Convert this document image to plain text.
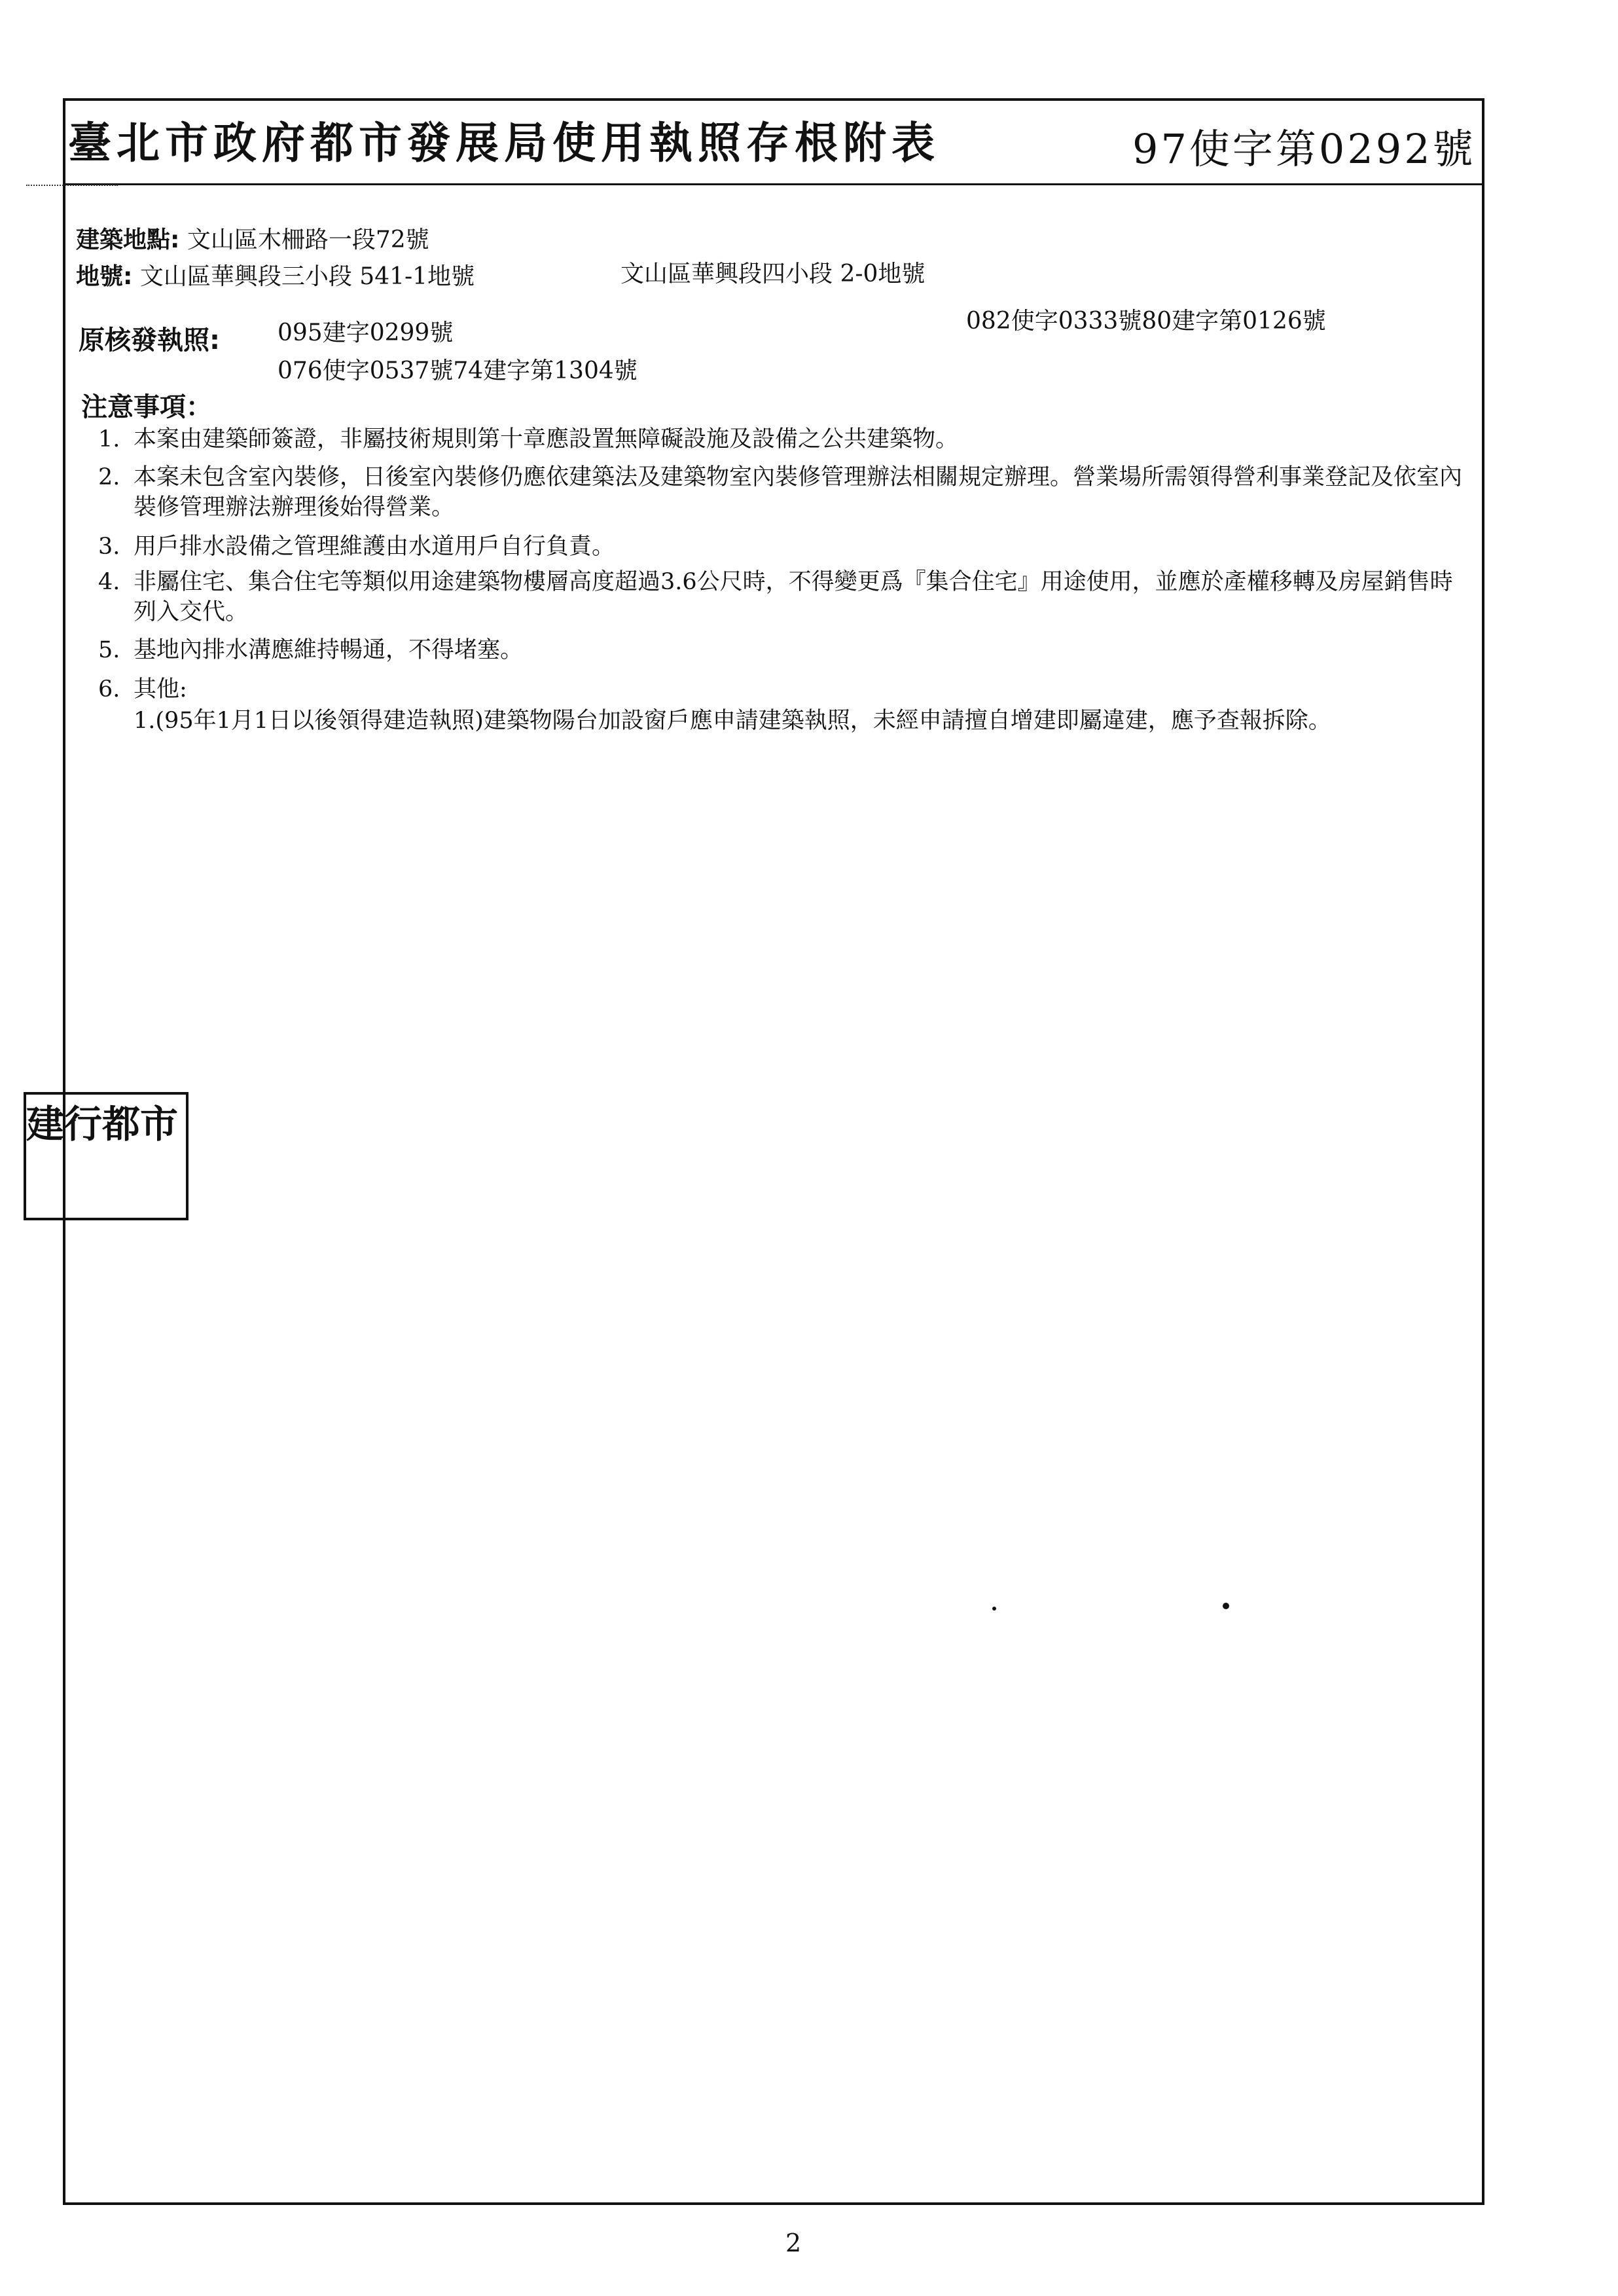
臺北市政府都市發展局使用執照存根附表	97使字第0292號
建築地點: 文山區木柵路一段72號
地號: 文山區華興段三小段 541-1地號	文山區華興段四小段 2-0地號
原核發執照: 095建字0299號	082使字0333號80建字第0126號
076使字0537號74建字第1304號
注意事項：
1. 本案由建築師簽證，非屬技術規則第十章應設置無障礙設施及設備之公共建築物。
2. 本案未包含室內裝修，日後室內裝修仍應依建築法及建築物室內裝修管理辦法相關規定辦理。營業場所需領得營利事業登記及依室內裝修管理辦法辦理後始得營業。
3. 用戶排水設備之管理維護由水道用戶自行負責。
4. 非屬住宅、集合住宅等類似用途建築物樓層高度超過3.6公尺時，不得變更爲『集合住宅』用途使用，並應於產權移轉及房屋銷售時列入交代。
5. 基地內排水溝應維持暢通，不得堵塞。
6. 其他:
1.(95年1月1日以後領得建造執照)建築物陽台加設窗戶應申請建築執照，未經申請擅自增建即屬違建，應予查報拆除。
建 行 都 市
2
